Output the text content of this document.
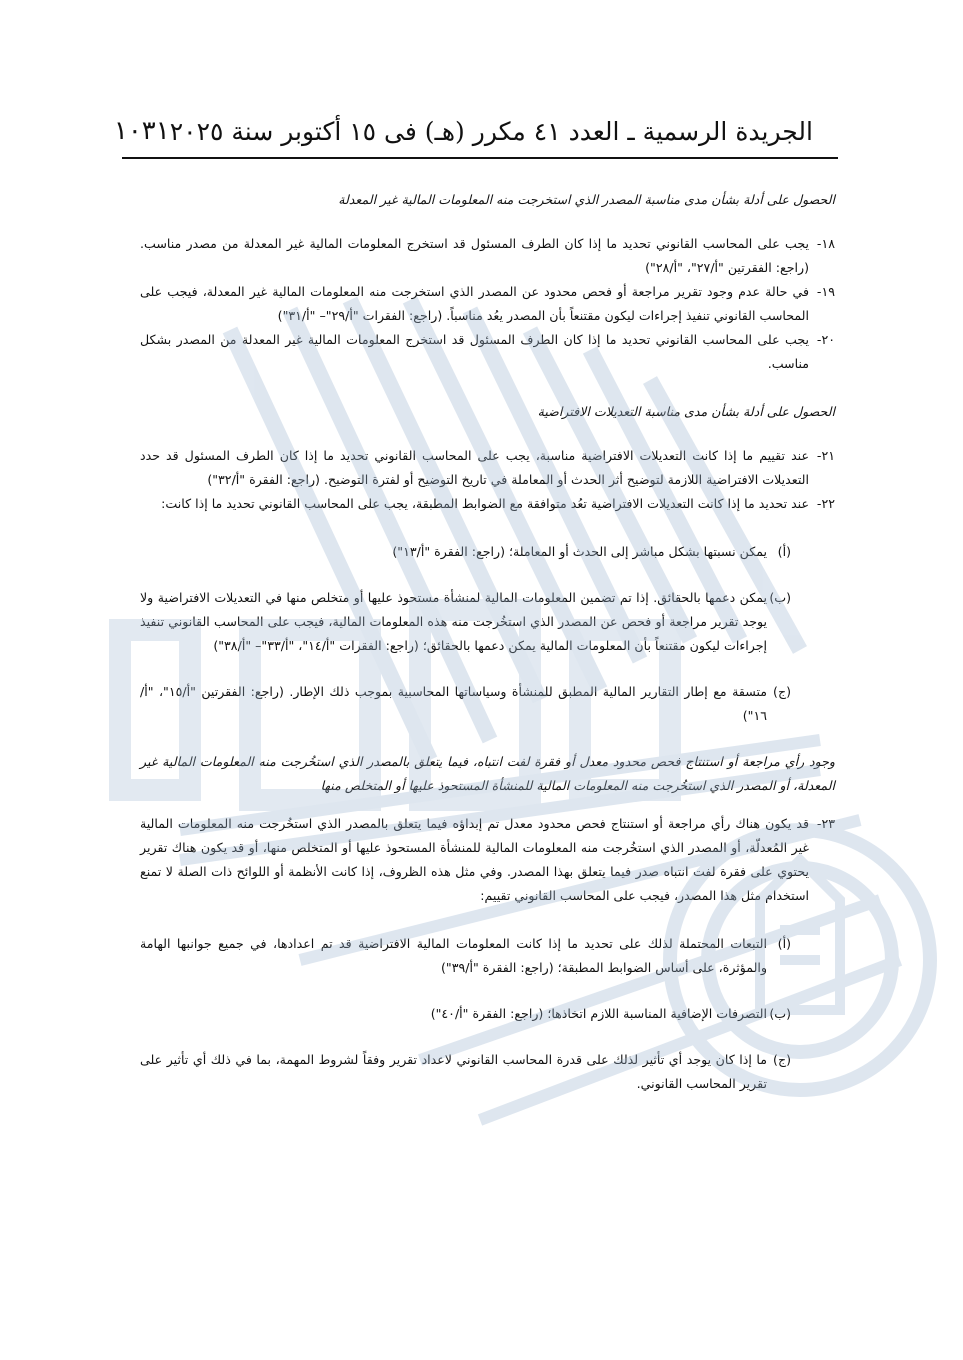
الجريدة الرسمية ـ العدد ٤١ مكرر (هـ) فى ١٥ أكتوبر سنة ٢٠٢٥
١٠٣١
الحصول على أدلة بشأن مدى مناسبة المصدر الذي استخرجت منه المعلومات المالية غير المعدلة
١٨-
يجب على المحاسب القانوني تحديد ما إذا كان الطرف المسئول قد استخرج المعلومات المالية غير المعدلة من مصدر مناسب. (راجع: الفقرتين "أ/٢٧"، "أ/٢٨")
١٩-
في حالة عدم وجود تقرير مراجعة أو فحص محدود عن المصدر الذي استخرجت منه المعلومات المالية غير المعدلة، فيجب على المحاسب القانوني تنفيذ إجراءات ليكون مقتنعاً بأن المصدر يعُد مناسباً. (راجع: الفقرات "أ/٢٩"– "أ/٣١")
٢٠-
يجب على المحاسب القانوني تحديد ما إذا كان الطرف المسئول قد استخرج المعلومات المالية غير المعدلة من المصدر بشكل مناسب.
الحصول على أدلة بشأن مدى مناسبة التعديلات الافتراضية
٢١-
عند تقييم ما إذا كانت التعديلات الافتراضية مناسبة، يجب على المحاسب القانوني تحديد ما إذا كان الطرف المسئول قد حدد التعديلات الافتراضية اللازمة لتوضيح أثر الحدث أو المعاملة في تاريخ التوضيح أو لفترة التوضيح. (راجع: الفقرة "أ/٣٢")
٢٢-
عند تحديد ما إذا كانت التعديلات الافتراضية تعُد متوافقة مع الضوابط المطبقة، يجب على المحاسب القانوني تحديد ما إذا كانت:
(أ)
يمكن نسبتها بشكل مباشر إلى الحدث أو المعاملة؛ (راجع: الفقرة "أ/١٣")
(ب)
يمكن دعمها بالحقائق. إذا تم تضمين المعلومات المالية لمنشأة مستحوذ عليها أو متخلص منها في التعديلات الافتراضية ولا يوجد تقرير مراجعة أو فحص عن المصدر الذي استخُرجت منه هذه المعلومات المالية، فيجب على المحاسب القانوني تنفيذ إجراءات ليكون مقتنعاً بأن المعلومات المالية يمكن دعمها بالحقائق؛ (راجع: الفقرات "أ/١٤"، "أ/٣٣"– "أ/٣٨")
(ج)
متسقة مع إطار التقارير المالية المطبق للمنشأة وسياساتها المحاسبية بموجب ذلك الإطار. (راجع: الفقرتين "أ/١٥"، "أ/١٦")
وجود رأي مراجعة أو استنتاج فحص محدود معدل أو فقرة لفت انتباه، فيما يتعلق بالمصدر الذي استخُرجت منه المعلومات المالية غير المعدلة، أو المصدر الذي استخُرجت منه المعلومات المالية للمنشأة المستحوذ عليها أو المتخلص منها
٢٣-
قد يكون هناك رأي مراجعة أو استنتاج فحص محدود معدل تم إبداؤه فيما يتعلق بالمصدر الذي استخُرجت منه المعلومات المالية غير المُعدلّة، أو المصدر الذي استخُرجت منه المعلومات المالية للمنشأة المستحوذ عليها أو المتخلص منها، أو قد يكون هناك تقرير يحتوي على فقرة لفت انتباه صدر فيما يتعلق بهذا المصدر. وفي مثل هذه الظروف، إذا كانت الأنظمة أو اللوائح ذات الصلة لا تمنع استخدام مثل هذا المصدر، فيجب على المحاسب القانوني تقييم:
(أ)
التبعات المحتملة لذلك على تحديد ما إذا كانت المعلومات المالية الافتراضية قد تم اعدادها، في جميع جوانبها الهامة والمؤثرة، على أساس الضوابط المطبقة؛ (راجع: الفقرة "أ/٣٩")
(ب)
التصرفات الإضافية المناسبة اللازم اتخاذها؛ (راجع: الفقرة "أ/٤٠")
(ج)
ما إذا كان يوجد أي تأثير لذلك على قدرة المحاسب القانوني لاعداد تقرير وفقاً لشروط المهمة، بما في ذلك أي تأثير على تقرير المحاسب القانوني.
